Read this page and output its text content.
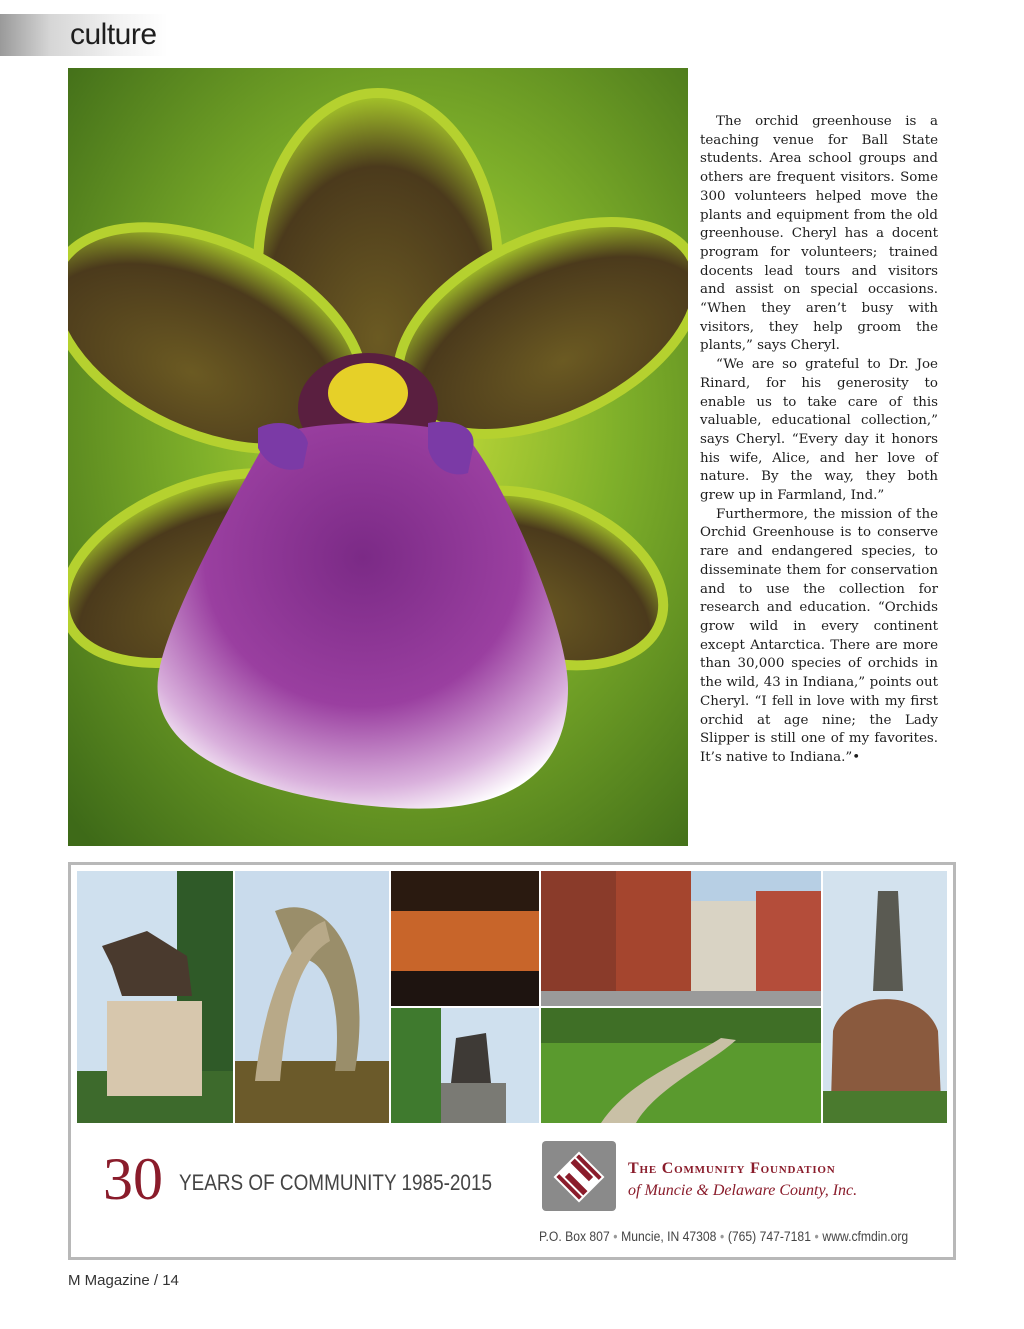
culture

The orchid greenhouse is a teaching venue for Ball State students. Area school groups and others are frequent visitors. Some 300 volunteers helped move the plants and equipment from the old greenhouse. Cheryl has a docent program for volunteers; trained docents lead tours and visitors and assist on special occasions. “When they aren’t busy with visitors, they help groom the plants,” says Cheryl.

“We are so grateful to Dr. Joe Rinard, for his generosity to enable us to take care of this valuable, educational collection,” says Cheryl. “Every day it honors his wife, Alice, and her love of nature. By the way, they both grew up in Farmland, Ind.”

Furthermore, the mission of the Orchid Greenhouse is to conserve rare and endangered species, to disseminate them for conservation and to use the collection for research and education. “Orchids grow wild in every continent except Antarctica. There are more than 30,000 species of orchids in the wild, 43 in Indiana,” points out Cheryl. “I fell in love with my first orchid at age nine; the Lady Slipper is still one of my favorites. It’s native to Indiana.”•

30 YEARS OF COMMUNITY 1985-2015
The Community Foundation
of Muncie & Delaware County, Inc.
P.O. Box 807 • Muncie, IN 47308 • (765) 747-7181 • www.cfmdin.org
M Magazine / 14
